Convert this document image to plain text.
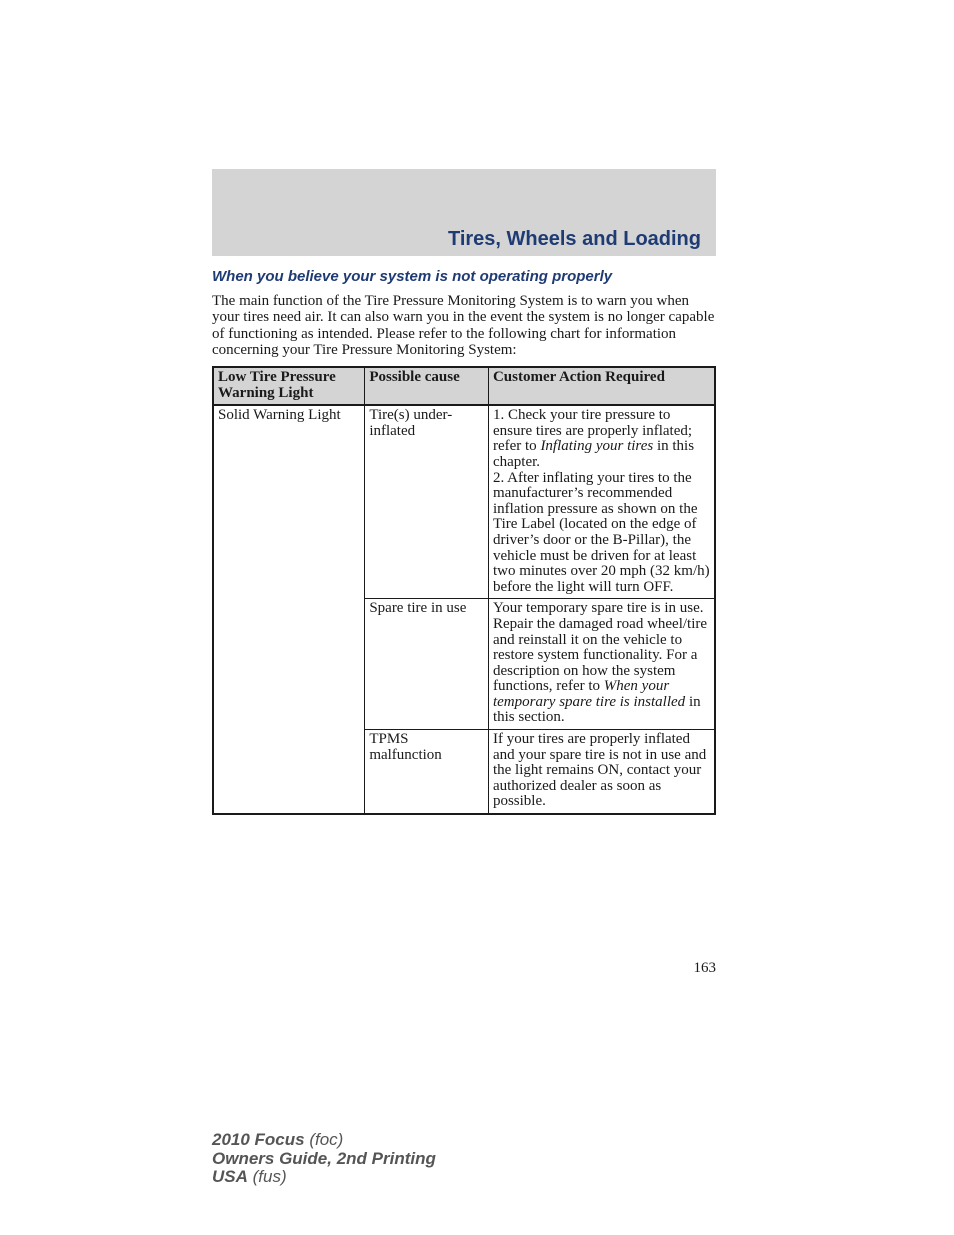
Tires, Wheels and Loading
When you believe your system is not operating properly

The main function of the Tire Pressure Monitoring System is to warn you when your tires need air. It can also warn you in the event the system is no longer capable of functioning as intended. Please refer to the following chart for information concerning your Tire Pressure Monitoring System:

Low Tire Pressure Warning Light	Possible cause	Customer Action Required
Solid Warning Light	Tire(s) under-inflated	1. Check your tire pressure to ensure tires are properly inflated; refer to Inflating your tires in this chapter.
2. After inflating your tires to the manufacturer’s recommended inflation pressure as shown on the Tire Label (located on the edge of driver’s door or the B-Pillar), the vehicle must be driven for at least two minutes over 20 mph (32 km/h) before the light will turn OFF.
	Spare tire in use	Your temporary spare tire is in use. Repair the damaged road wheel/tire and reinstall it on the vehicle to restore system functionality. For a description on how the system functions, refer to When your temporary spare tire is installed in this section.
	TPMS malfunction	If your tires are properly inflated and your spare tire is not in use and the light remains ON, contact your authorized dealer as soon as possible.
163
2010 Focus (foc)
Owners Guide, 2nd Printing
USA (fus)
